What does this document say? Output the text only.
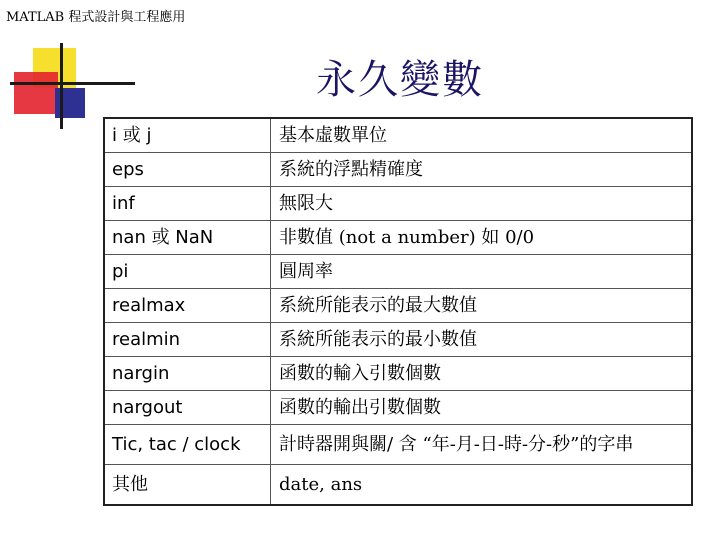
MATLAB 程式設計與工程應用
永久變數
i 或 j	基本虛數單位
eps	系統的浮點精確度
inf	無限大
nan 或 NaN	非數值 (not a number) 如 0/0
pi	圓周率
realmax	系統所能表示的最大數值
realmin	系統所能表示的最小數值
nargin	函數的輸入引數個數
nargout	函數的輸出引數個數
Tic, tac / clock	計時器開與關/ 含 “年-月-日-時-分-秒”的字串
其他	date, ans
